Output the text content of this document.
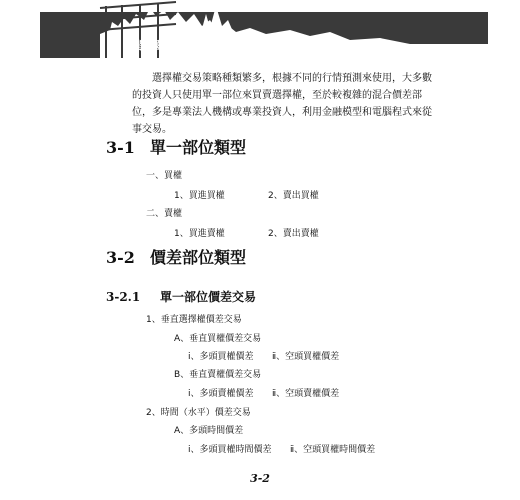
選擇權高手 30 日養成術‧基礎篇
選擇權交易策略種類繁多，根據不同的行情預測來使用，大多數
的投資人只使用單一部位來買賣選擇權，至於較複雜的混合價差部
位，多是專業法人機構或專業投資人，利用金融模型和電腦程式來從
事交易。
3-1 單一部位類型
一、買權
1、買進買權	2、賣出買權
二、賣權
1、買進賣權	2、賣出賣權
3-2 價差部位類型
3-2.1 單一部位價差交易
1、垂直選擇權價差交易
A、垂直買權價差交易
ⅰ、多頭買權價差 ⅱ、空頭買權價差
B、垂直賣權價差交易
ⅰ、多頭賣權價差 ⅱ、空頭賣權價差
2、時間（水平）價差交易
A、多頭時間價差
ⅰ、多頭買權時間價差 ⅱ、空頭買權時間價差
3-2
